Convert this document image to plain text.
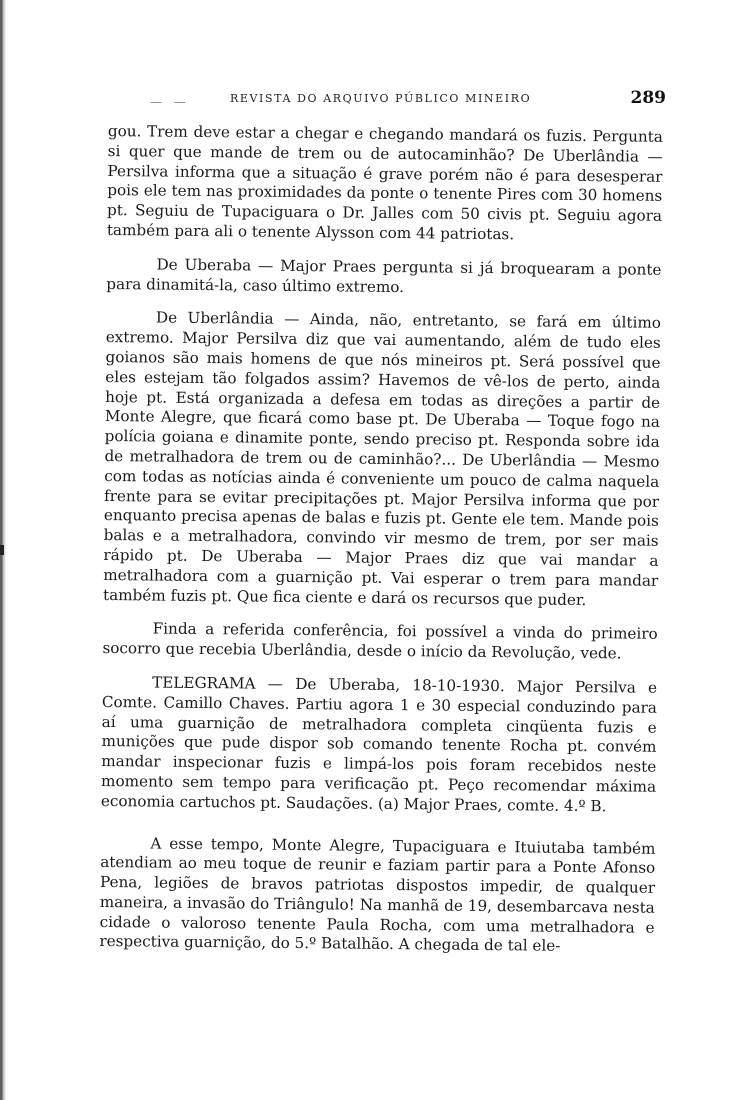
— —	REVISTA DO ARQUIVO PÚBLICO MINEIRO	289

gou. Trem deve estar a chegar e chegando mandará os fuzis. Pergunta si quer que mande de trem ou de autocaminhão? De Uberlândia — Persilva informa que a situação é grave porém não é para desesperar pois ele tem nas proximidades da ponte o tenente Pires com 30 homens pt. Seguiu de Tupaciguara o Dr. Jalles com 50 civis pt. Seguiu agora também para ali o tenente Alysson com 44 patriotas.

De Uberaba — Major Praes pergunta si já broquearam a ponte para dinamitá-la, caso último extremo.

De Uberlândia — Ainda, não, entretanto, se fará em último extremo. Major Persilva diz que vai aumentando, além de tudo eles goianos são mais homens de que nós mineiros pt. Será possível que eles estejam tão folgados assim? Havemos de vê-los de perto, ainda hoje pt. Está organizada a defesa em todas as direções a partir de Monte Alegre, que ficará como base pt. De Uberaba — Toque fogo na polícia goiana e dinamite ponte, sendo preciso pt. Responda sobre ida de metralhadora de trem ou de caminhão?... De Uberlândia — Mesmo com todas as notícias ainda é conveniente um pouco de calma naquela frente para se evitar precipitações pt. Major Persilva informa que por enquanto precisa apenas de balas e fuzis pt. Gente ele tem. Mande pois balas e a metralhadora, convindo vir mesmo de trem, por ser mais rápido pt. De Uberaba — Major Praes diz que vai mandar a metralhadora com a guarnição pt. Vai esperar o trem para mandar também fuzis pt. Que fica ciente e dará os recursos que puder.

Finda a referida conferência, foi possível a vinda do primeiro socorro que recebia Uberlândia, desde o início da Revolução, vede.

TELEGRAMA — De Uberaba, 18-10-1930. Major Persilva e Comte. Camillo Chaves. Partiu agora 1 e 30 especial conduzindo para aí uma guarnição de metralhadora completa cinqüenta fuzis e munições que pude dispor sob comando tenente Rocha pt. convém mandar inspecionar fuzis e limpá-los pois foram recebidos neste momento sem tempo para verificação pt. Peço recomendar máxima economia cartuchos pt. Saudações. (a) Major Praes, comte. 4.º B.

A esse tempo, Monte Alegre, Tupaciguara e Ituiutaba também atendiam ao meu toque de reunir e faziam partir para a Ponte Afonso Pena, legiões de bravos patriotas dispostos impedir, de qualquer maneira, a invasão do Triângulo! Na manhã de 19, desembarcava nesta cidade o valoroso tenente Paula Rocha, com uma metralhadora e respectiva guarnição, do 5.º Batalhão. A chegada de tal ele-
